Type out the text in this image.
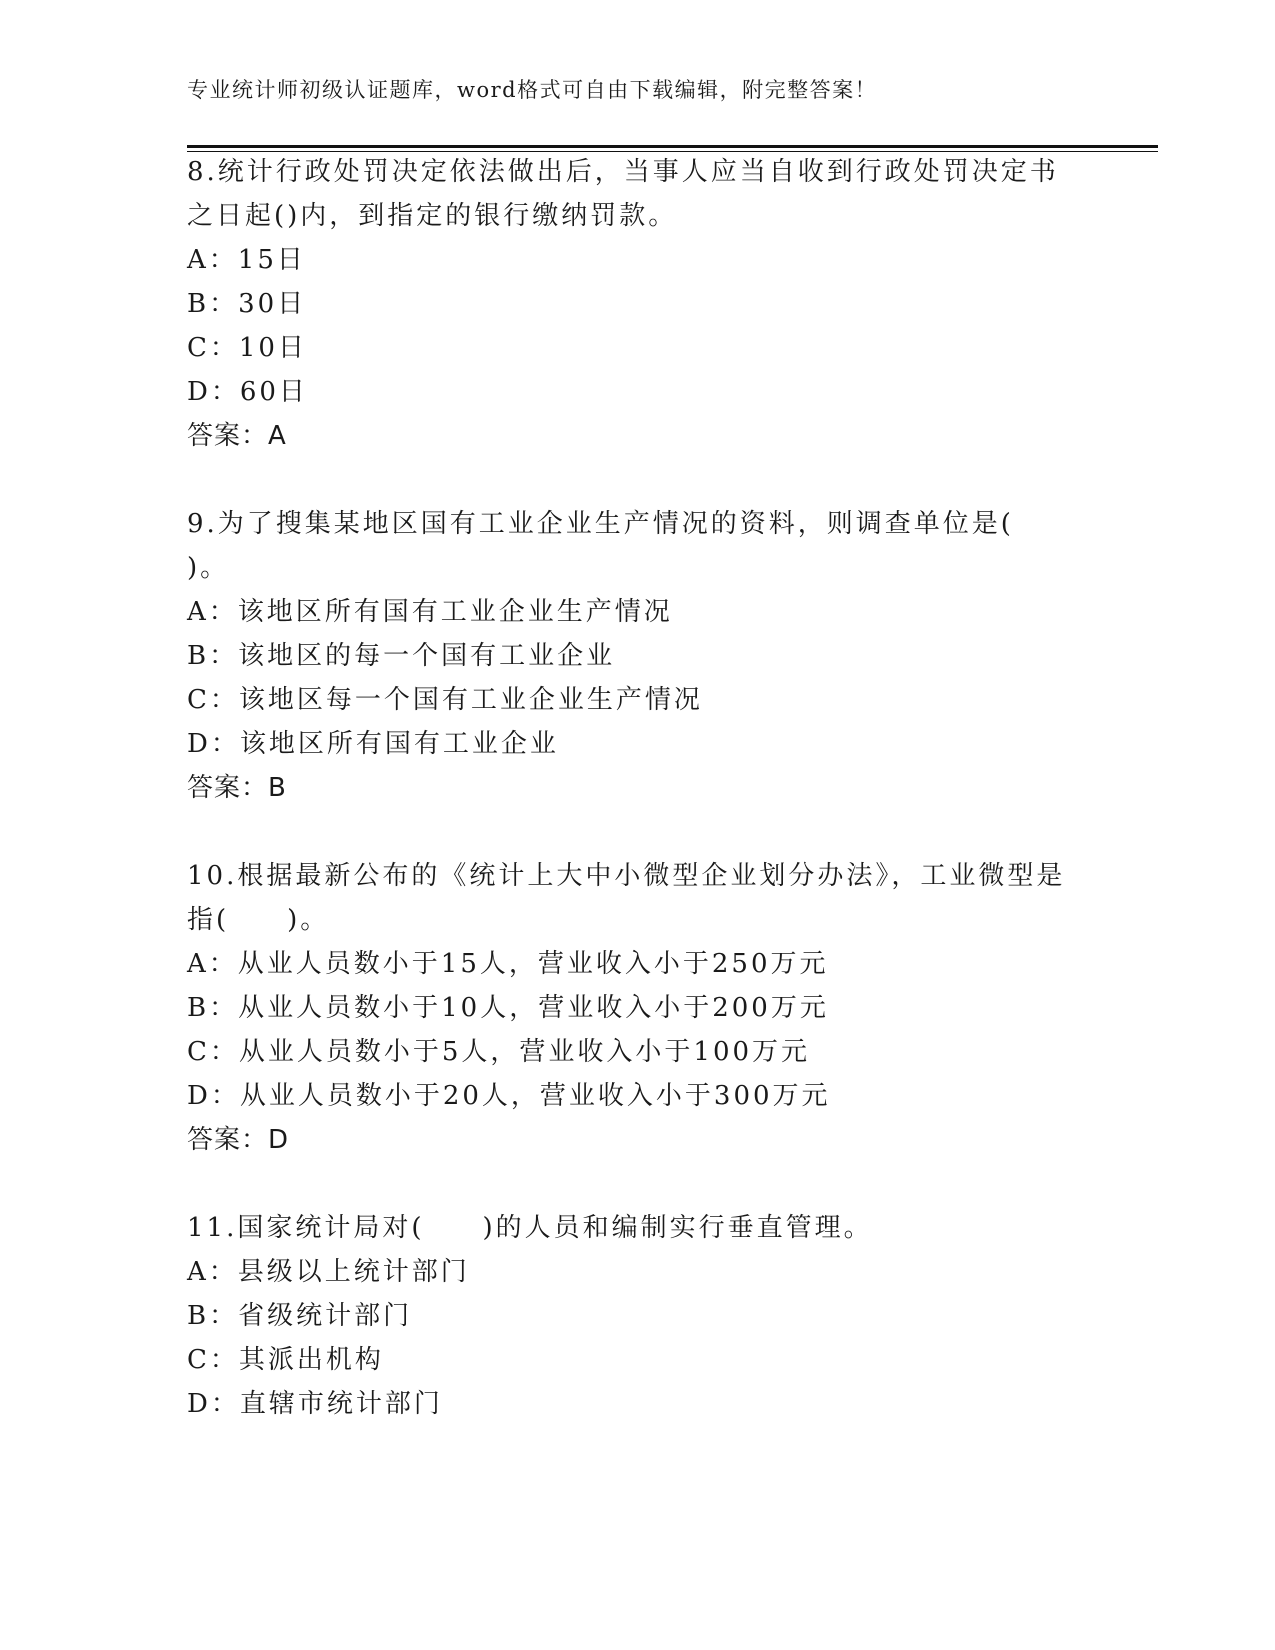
专业统计师初级认证题库，word格式可自由下载编辑，附完整答案！
8.统计行政处罚决定依法做出后，当事人应当自收到行政处罚决定书
之日起()内，到指定的银行缴纳罚款。
A：15日
B：30日
C：10日
D：60日
答案：A
9.为了搜集某地区国有工业企业生产情况的资料，则调查单位是(
)。
A：该地区所有国有工业企业生产情况
B：该地区的每一个国有工业企业
C：该地区每一个国有工业企业生产情况
D：该地区所有国有工业企业
答案：B
10.根据最新公布的《统计上大中小微型企业划分办法》，工业微型是
指(　　)。
A：从业人员数小于15人，营业收入小于250万元
B：从业人员数小于10人，营业收入小于200万元
C：从业人员数小于5人，营业收入小于100万元
D：从业人员数小于20人，营业收入小于300万元
答案：D
11.国家统计局对(　　)的人员和编制实行垂直管理。
A：县级以上统计部门
B：省级统计部门
C：其派出机构
D：直辖市统计部门
